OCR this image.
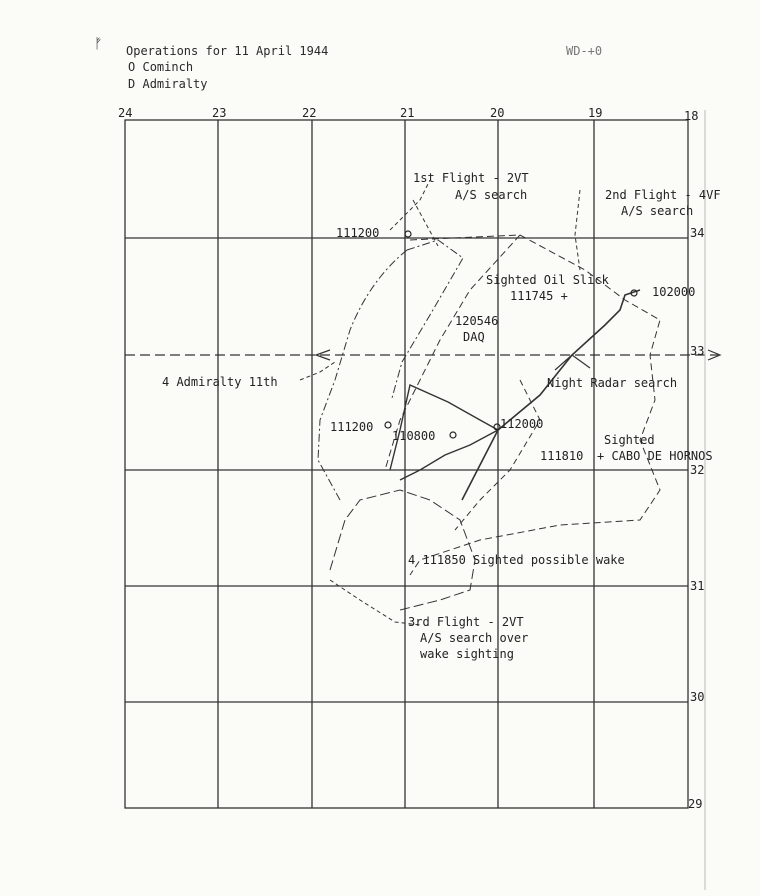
ᚠ Operations for 11 April 1944	WD-+0
O Cominch
D Admiralty
24	23	22	21	20	19	18
34
33
32
31
30
29
1st Flight - 2VT
A/S search	2nd Flight - 4VF
A/S search
111200
Sighted Oil Slick
111745 +	102000
120546
DAQ
4 Admiralty 11th	Night Radar search
111200
110800
112000
Sighted
111810 + CABO DE HORNOS
4 111850 Sighted possible wake
3rd Flight - 2VT
A/S search over
wake sighting
